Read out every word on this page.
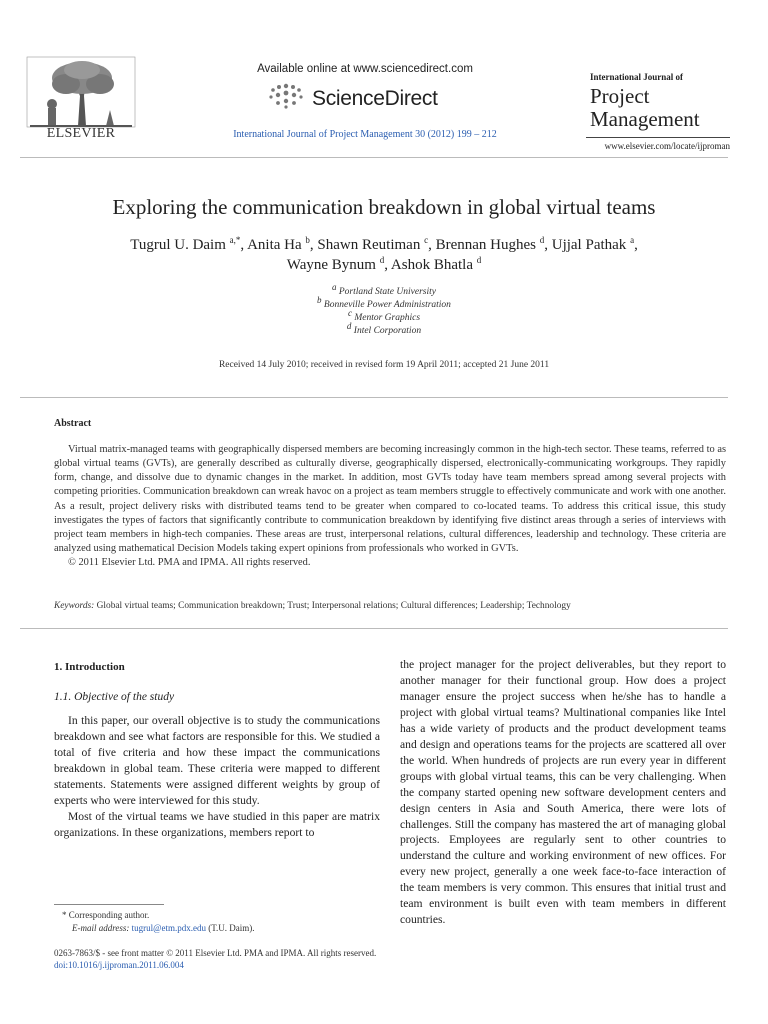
ELSEVIER
Available online at www.sciencedirect.com
ScienceDirect
International Journal of Project Management 30 (2012) 199 – 212
International Journal of
Project
Management
www.elsevier.com/locate/ijproman
Exploring the communication breakdown in global virtual teams
Tugrul U. Daim $^{a,*}$, Anita Ha $^b$, Shawn Reutiman $^c$, Brennan Hughes $^d$, Ujjal Pathak $^a$,
Wayne Bynum $^d$, Ashok Bhatla $^d$
$^a$ Portland State University
$^b$ Bonneville Power Administration
$^c$ Mentor Graphics
$^d$ Intel Corporation
Received 14 July 2010; received in revised form 19 April 2011; accepted 21 June 2011
Abstract

Virtual matrix-managed teams with geographically dispersed members are becoming increasingly common in the high-tech sector. These teams, referred to as global virtual teams (GVTs), are generally described as culturally diverse, geographically dispersed, electronically-communicating workgroups. They rapidly form, change, and dissolve due to dynamic changes in the market. In addition, most GVTs today have team members spread among several projects with competing priorities. Communication breakdown can wreak havoc on a project as team members struggle to effectively communicate and work with one another. As a result, project delivery risks with distributed teams tend to be greater when compared to co-located teams. To address this critical issue, this study investigates the types of factors that significantly contribute to communication breakdown by identifying five distinct areas through a series of interviews with project team members in high-tech companies. These areas are trust, interpersonal relations, cultural differences, leadership and technology. These criteria are analyzed using mathematical Decision Models taking expert opinions from professionals who worked in GVTs.

© 2011 Elsevier Ltd. PMA and IPMA. All rights reserved.

Keywords: Global virtual teams; Communication breakdown; Trust; Interpersonal relations; Cultural differences; Leadership; Technology
1. Introduction
1.1. Objective of the study

In this paper, our overall objective is to study the communications breakdown and see what factors are responsible for this. We studied a total of five criteria and how these impact the communications breakdown in global team. These criteria were mapped to different statements. Statements were assigned different weights by group of experts who were interviewed for this study.

Most of the virtual teams we have studied in this paper are matrix organizations. In these organizations, members report to

the project manager for the project deliverables, but they report to another manager for their functional group. How does a project manager ensure the project success when he/she has to handle a project with global virtual teams? Multinational companies like Intel has a wide variety of products and the product development teams and design and operations teams for the projects are scattered all over the world. When hundreds of projects are run every year in different groups with global virtual teams, this can be very challenging. When the company started opening new software development centers and design centers in Asia and South America, there were lots of challenges. Still the company has mastered the art of managing global projects. Employees are regularly sent to other countries to understand the culture and working environment of new offices. For every new project, generally a one week face-to-face interaction of the team members is very common. This ensures that initial trust and team environment is built even with team members in different countries.

* Corresponding author.
E-mail address: tugrul@etm.pdx.edu (T.U. Daim).
0263-7863/$ - see front matter © 2011 Elsevier Ltd. PMA and IPMA. All rights reserved.
doi:10.1016/j.ijproman.2011.06.004
